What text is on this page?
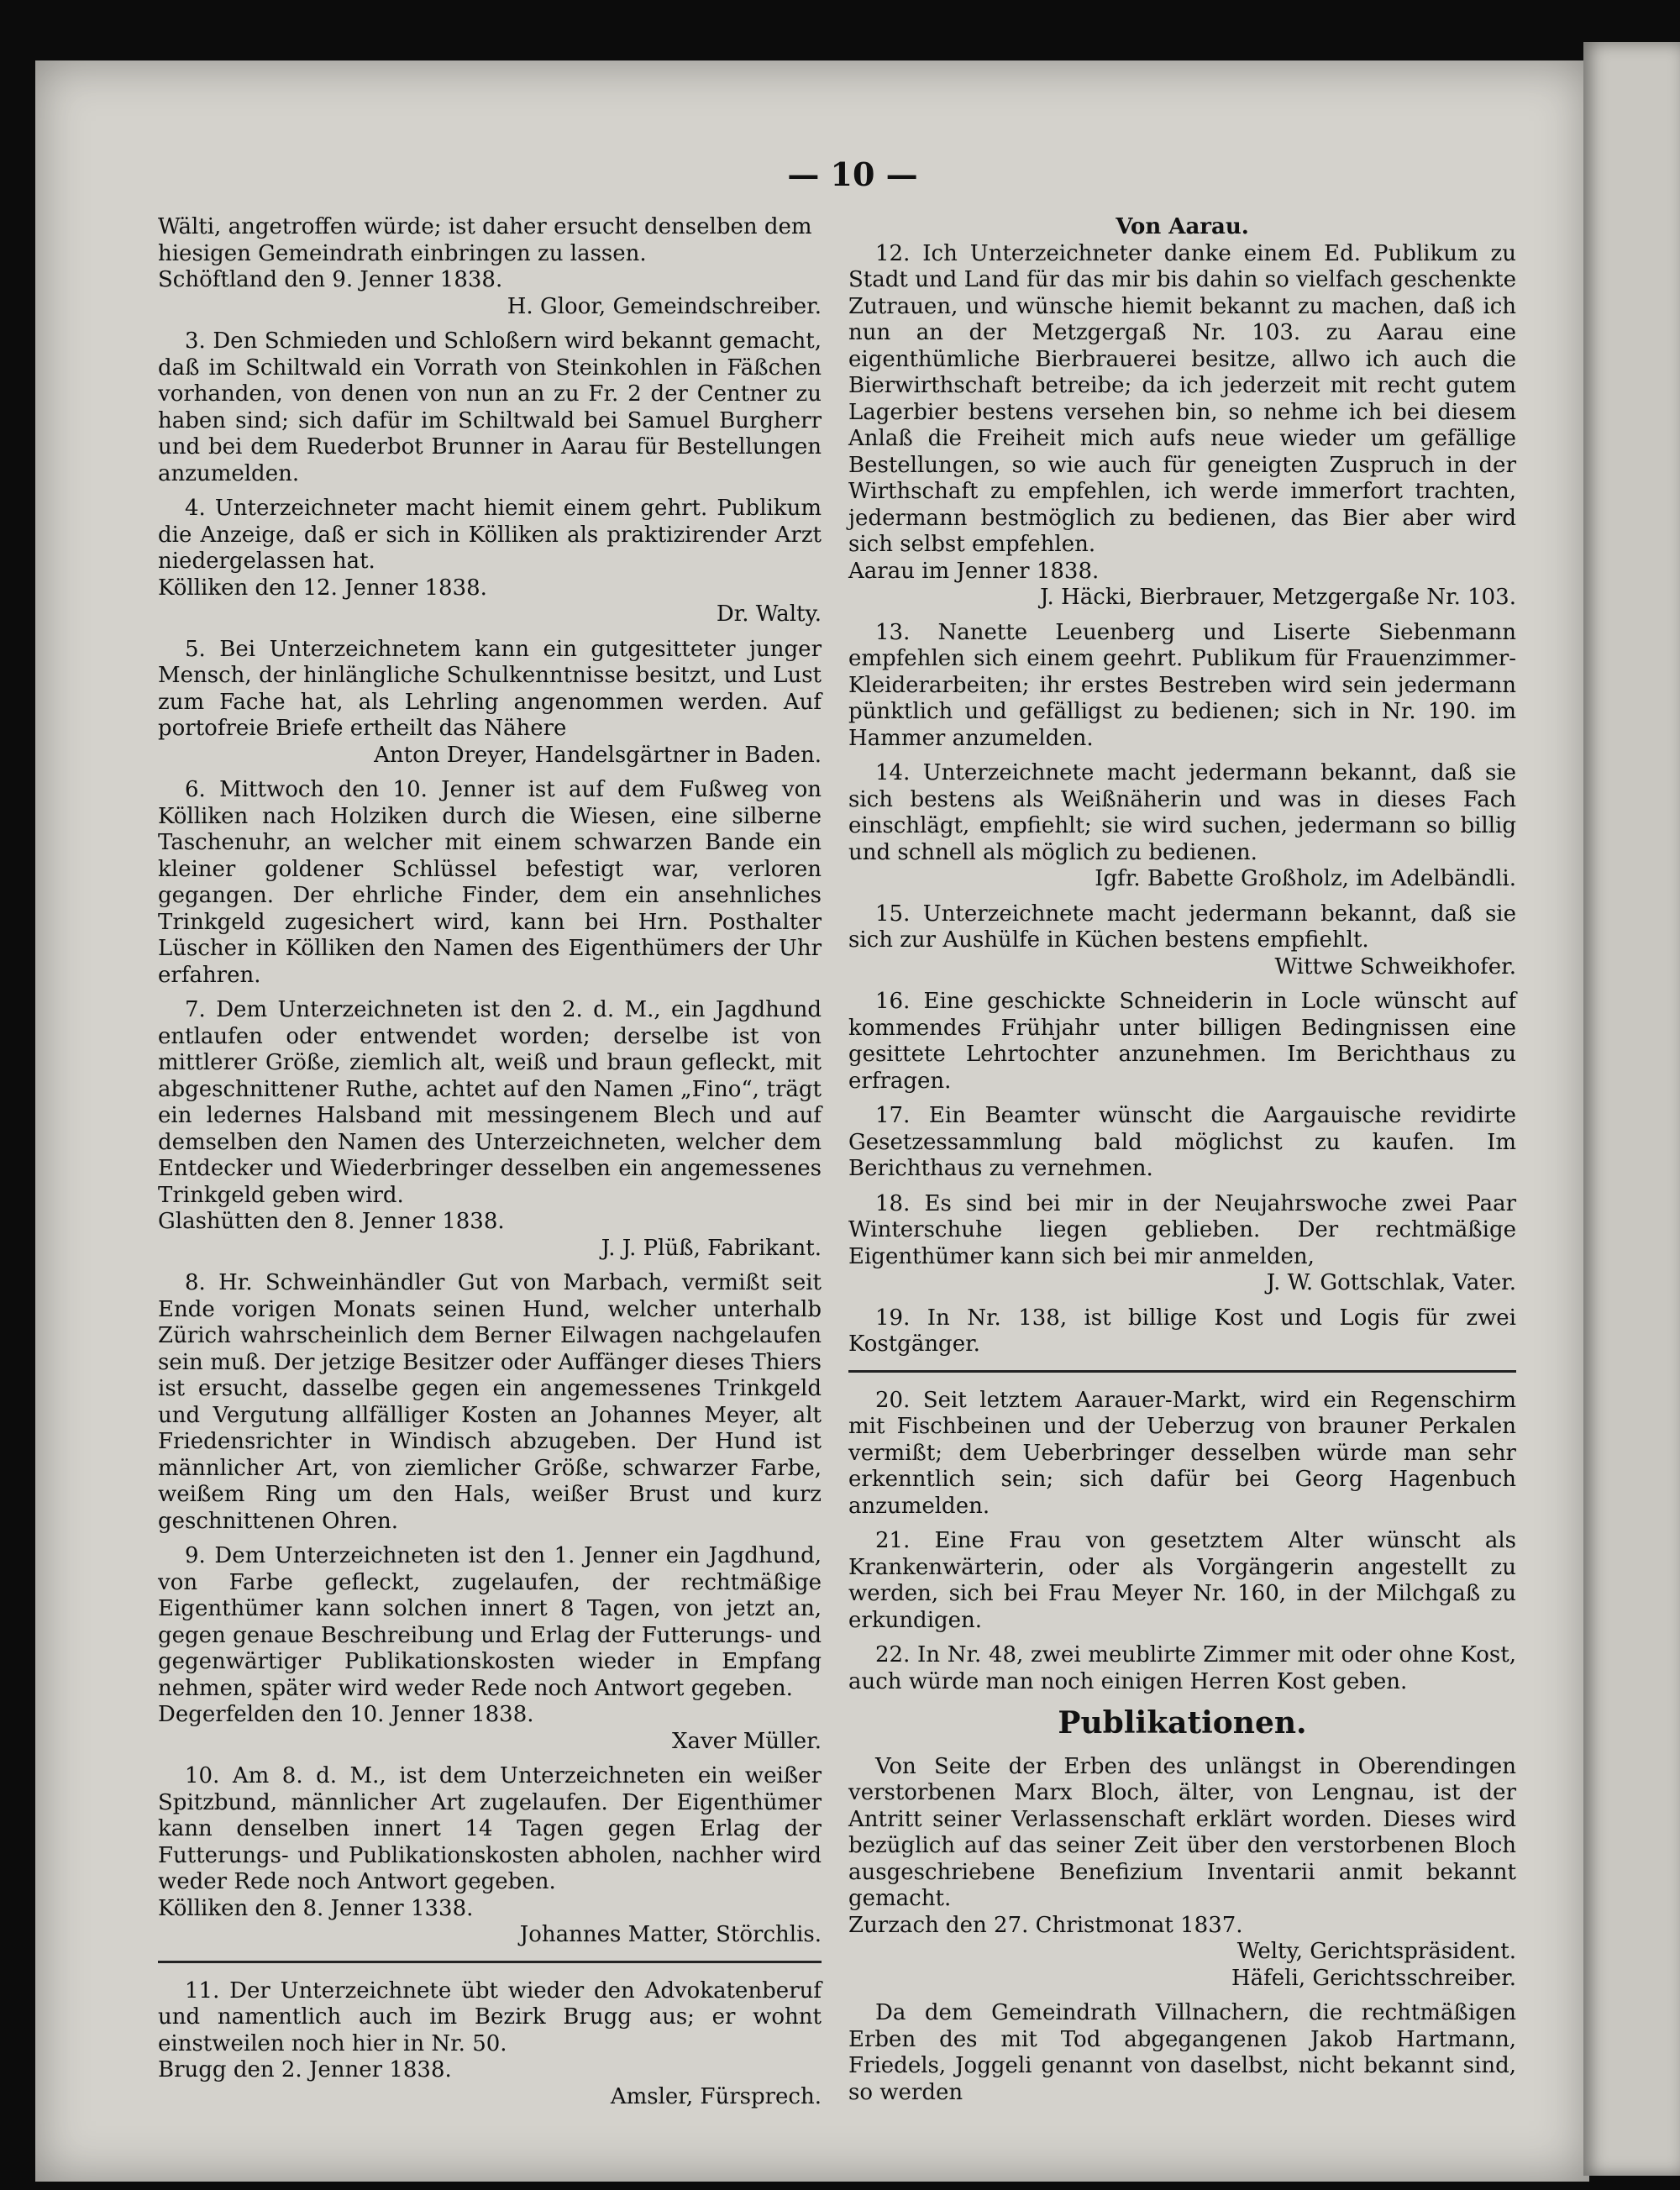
— 10 —

Wälti, angetroffen würde; ist daher ersucht denselben dem

hiesigen Gemeindrath einbringen zu lassen.

Schöftland den 9. Jenner 1838.

H. Gloor, Gemeindschreiber.

3. Den Schmieden und Schloßern wird bekannt gemacht, daß im Schiltwald ein Vorrath von Steinkohlen in Fäßchen vorhanden, von denen von nun an zu Fr. 2 der Centner zu haben sind; sich dafür im Schiltwald bei Samuel Burgherr und bei dem Ruederbot Brunner in Aarau für Bestellungen anzumelden.

4. Unterzeichneter macht hiemit einem gehrt. Publikum die Anzeige, daß er sich in Kölliken als praktizirender Arzt niedergelassen hat.

Kölliken den 12. Jenner 1838.

Dr. Walty.

5. Bei Unterzeichnetem kann ein gutgesitteter junger Mensch, der hinlängliche Schulkenntnisse besitzt, und Lust zum Fache hat, als Lehrling angenommen werden. Auf portofreie Briefe ertheilt das Nähere

Anton Dreyer, Handelsgärtner in Baden.

6. Mittwoch den 10. Jenner ist auf dem Fußweg von Kölliken nach Holziken durch die Wiesen, eine silberne Taschenuhr, an welcher mit einem schwarzen Bande ein kleiner goldener Schlüssel befestigt war, verloren gegangen. Der ehrliche Finder, dem ein ansehnliches Trinkgeld zugesichert wird, kann bei Hrn. Posthalter Lüscher in Kölliken den Namen des Eigenthümers der Uhr erfahren.

7. Dem Unterzeichneten ist den 2. d. M., ein Jagdhund entlaufen oder entwendet worden; derselbe ist von mittlerer Größe, ziemlich alt, weiß und braun gefleckt, mit abgeschnittener Ruthe, achtet auf den Namen „Fino“, trägt ein ledernes Halsband mit messingenem Blech und auf demselben den Namen des Unterzeichneten, welcher dem Entdecker und Wiederbringer desselben ein angemessenes Trinkgeld geben wird.

Glashütten den 8. Jenner 1838.

J. J. Plüß, Fabrikant.

8. Hr. Schweinhändler Gut von Marbach, vermißt seit Ende vorigen Monats seinen Hund, welcher unterhalb Zürich wahrscheinlich dem Berner Eilwagen nachgelaufen sein muß. Der jetzige Besitzer oder Auffänger dieses Thiers ist ersucht, dasselbe gegen ein angemessenes Trinkgeld und Vergutung allfälliger Kosten an Johannes Meyer, alt Friedensrichter in Windisch abzugeben. Der Hund ist männlicher Art, von ziemlicher Größe, schwarzer Farbe, weißem Ring um den Hals, weißer Brust und kurz geschnittenen Ohren.

9. Dem Unterzeichneten ist den 1. Jenner ein Jagdhund, von Farbe gefleckt, zugelaufen, der rechtmäßige Eigenthümer kann solchen innert 8 Tagen, von jetzt an, gegen genaue Beschreibung und Erlag der Futterungs- und gegenwärtiger Publikationskosten wieder in Empfang nehmen, später wird weder Rede noch Antwort gegeben.

Degerfelden den 10. Jenner 1838.

Xaver Müller.

10. Am 8. d. M., ist dem Unterzeichneten ein weißer Spitzbund, männlicher Art zugelaufen. Der Eigenthümer kann denselben innert 14 Tagen gegen Erlag der Futterungs- und Publikationskosten abholen, nachher wird weder Rede noch Antwort gegeben.

Kölliken den 8. Jenner 1338.

Johannes Matter, Störchlis.

11. Der Unterzeichnete übt wieder den Advokatenberuf und namentlich auch im Bezirk Brugg aus; er wohnt einstweilen noch hier in Nr. 50.

Brugg den 2. Jenner 1838.

Amsler, Fürsprech.

Von Aarau.

12. Ich Unterzeichneter danke einem Ed. Publikum zu Stadt und Land für das mir bis dahin so vielfach geschenkte Zutrauen, und wünsche hiemit bekannt zu machen, daß ich nun an der Metzgergaß Nr. 103. zu Aarau eine eigenthümliche Bierbrauerei besitze, allwo ich auch die Bierwirthschaft betreibe; da ich jederzeit mit recht gutem Lagerbier bestens versehen bin, so nehme ich bei diesem Anlaß die Freiheit mich aufs neue wieder um gefällige Bestellungen, so wie auch für geneigten Zuspruch in der Wirthschaft zu empfehlen, ich werde immerfort trachten, jedermann bestmöglich zu bedienen, das Bier aber wird sich selbst empfehlen.

Aarau im Jenner 1838.

J. Häcki, Bierbrauer, Metzgergaße Nr. 103.

13. Nanette Leuenberg und Liserte Siebenmann empfehlen sich einem geehrt. Publikum für Frauenzimmer-Kleiderarbeiten; ihr erstes Bestreben wird sein jedermann pünktlich und gefälligst zu bedienen; sich in Nr. 190. im Hammer anzumelden.

14. Unterzeichnete macht jedermann bekannt, daß sie sich bestens als Weißnäherin und was in dieses Fach einschlägt, empfiehlt; sie wird suchen, jedermann so billig und schnell als möglich zu bedienen.

Igfr. Babette Großholz, im Adelbändli.

15. Unterzeichnete macht jedermann bekannt, daß sie sich zur Aushülfe in Küchen bestens empfiehlt.

Wittwe Schweikhofer.

16. Eine geschickte Schneiderin in Locle wünscht auf kommendes Frühjahr unter billigen Bedingnissen eine gesittete Lehrtochter anzunehmen. Im Berichthaus zu erfragen.

17. Ein Beamter wünscht die Aargauische revidirte Gesetzessammlung bald möglichst zu kaufen. Im Berichthaus zu vernehmen.

18. Es sind bei mir in der Neujahrswoche zwei Paar Winterschuhe liegen geblieben. Der rechtmäßige Eigenthümer kann sich bei mir anmelden,

J. W. Gottschlak, Vater.

19. In Nr. 138, ist billige Kost und Logis für zwei Kostgänger.

20. Seit letztem Aarauer-Markt, wird ein Regenschirm mit Fischbeinen und der Ueberzug von brauner Perkalen vermißt; dem Ueberbringer desselben würde man sehr erkenntlich sein; sich dafür bei Georg Hagenbuch anzumelden.

21. Eine Frau von gesetztem Alter wünscht als Krankenwärterin, oder als Vorgängerin angestellt zu werden, sich bei Frau Meyer Nr. 160, in der Milchgaß zu erkundigen.

22. In Nr. 48, zwei meublirte Zimmer mit oder ohne Kost, auch würde man noch einigen Herren Kost geben.

Publikationen.

Von Seite der Erben des unlängst in Oberendingen verstorbenen Marx Bloch, älter, von Lengnau, ist der Antritt seiner Verlassenschaft erklärt worden. Dieses wird bezüglich auf das seiner Zeit über den verstorbenen Bloch ausgeschriebene Benefizium Inventarii anmit bekannt gemacht.

Zurzach den 27. Christmonat 1837.

Welty, Gerichtspräsident.

Häfeli, Gerichtsschreiber.

Da dem Gemeindrath Villnachern, die rechtmäßigen Erben des mit Tod abgegangenen Jakob Hartmann, Friedels, Joggeli genannt von daselbst, nicht bekannt sind, so werden
